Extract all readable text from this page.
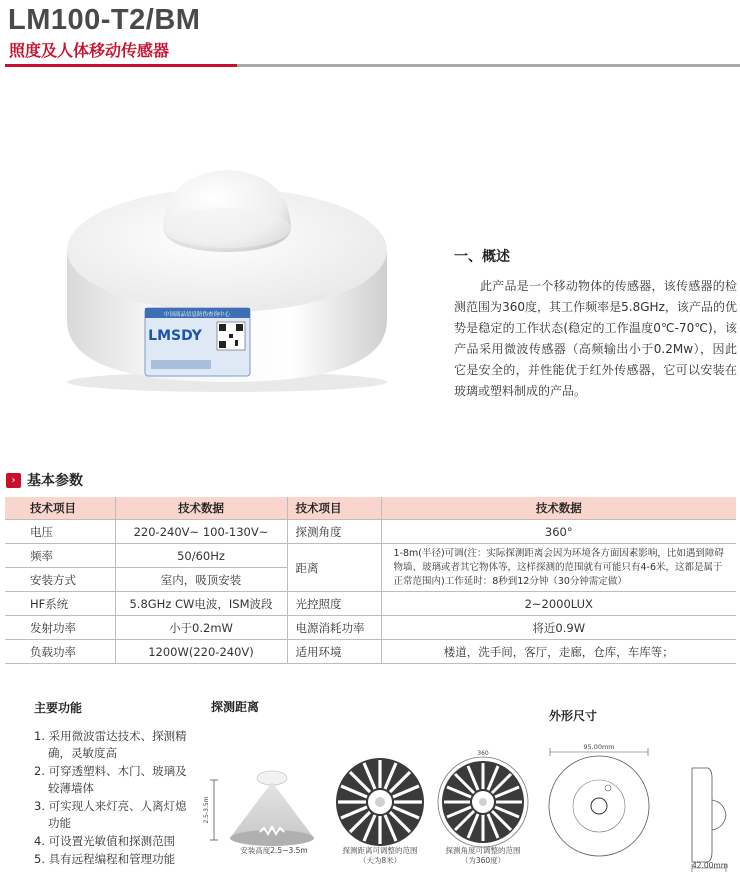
LM100-T2/BM
照度及人体移动传感器
中国商品信息防伪查询中心
LMSDY
一、概述
此产品是一个移动物体的传感器，该传感器的检测范围为360度，其工作频率是5.8GHz，该产品的优势是稳定的工作状态(稳定的工作温度0℃-70℃)，该产品采用微波传感器（高频输出小于0.2Mw），因此它是安全的，并性能优于红外传感器，它可以安装在玻璃或塑料制成的产品。
› 基本参数
技术项目	技术数据	技术项目	技术数据
电压	220-240V~ 100-130V~	探测角度	360°
频率	50/60Hz	距离	1-8m(半径)可调(注：实际探测距离会因为环境各方面因素影响，比如遇到障碍物墙、玻璃或者其它物体等，这样探测的范围就有可能只有4-6米，这都是属于正常范围内)工作延时：8秒到12分钟（30分钟需定做）
安装方式	室内，吸顶安装		
HF系统	5.8GHz CW电波，ISM波段	光控照度	2~2000LUX
发射功率	小于0.2mW	电源消耗功率	将近0.9W
负载功率	1200W(220-240V)	适用环境	楼道，洗手间，客厅，走廊，仓库，车库等；
主要功能
1. 采用微波雷达技术、探测精确，灵敏度高
2. 可穿透塑料、木门、玻璃及较薄墙体
3. 可实现人来灯亮、人离灯熄功能
4. 可设置光敏值和探测范围
5. 具有远程编程和管理功能
探测距离
外形尺寸
2.5-3.5m
360
95.00mm
安装高度2.5~3.5m	探测距离可调整的范围
（大为8米）
探测角度可调整的范围
（为360度）
42.00mm
